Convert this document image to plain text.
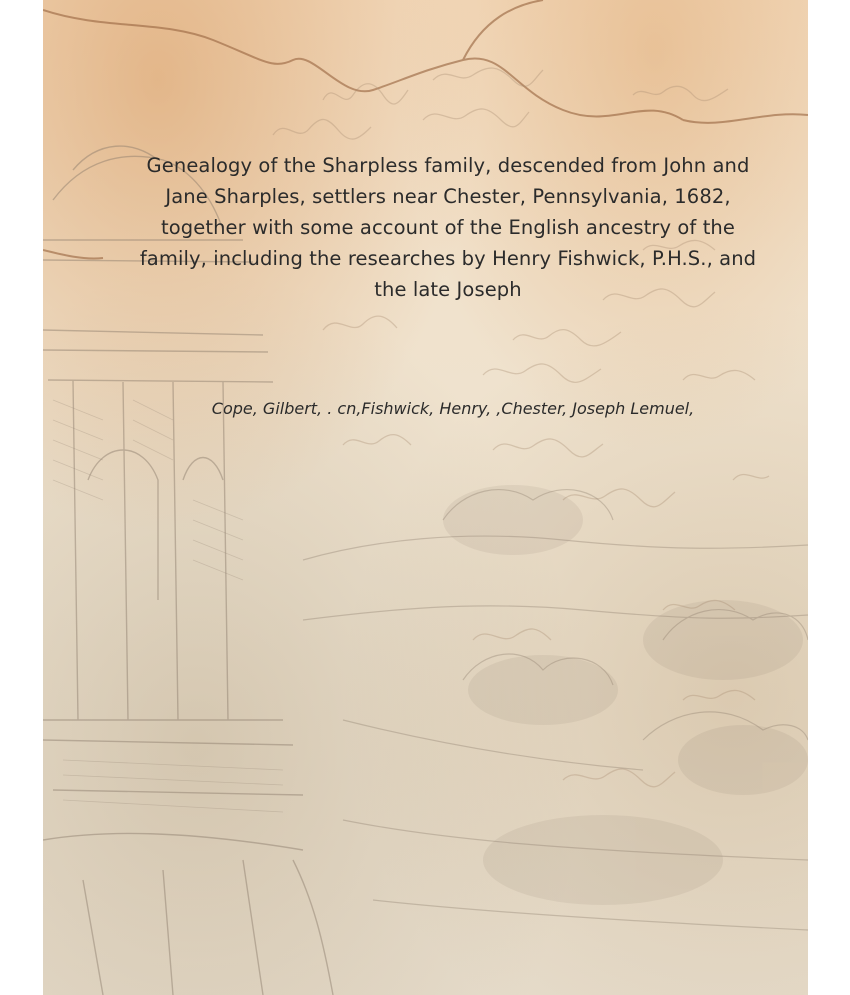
Genealogy of the Sharpless family, descended from John and Jane Sharples, settlers near Chester, Pennsylvania, 1682, together with some account of the English ancestry of the family, including the researches by Henry Fishwick, P.H.S., and the late Joseph

Cope, Gilbert, . cn,Fishwick, Henry, ,Chester, Joseph Lemuel,
